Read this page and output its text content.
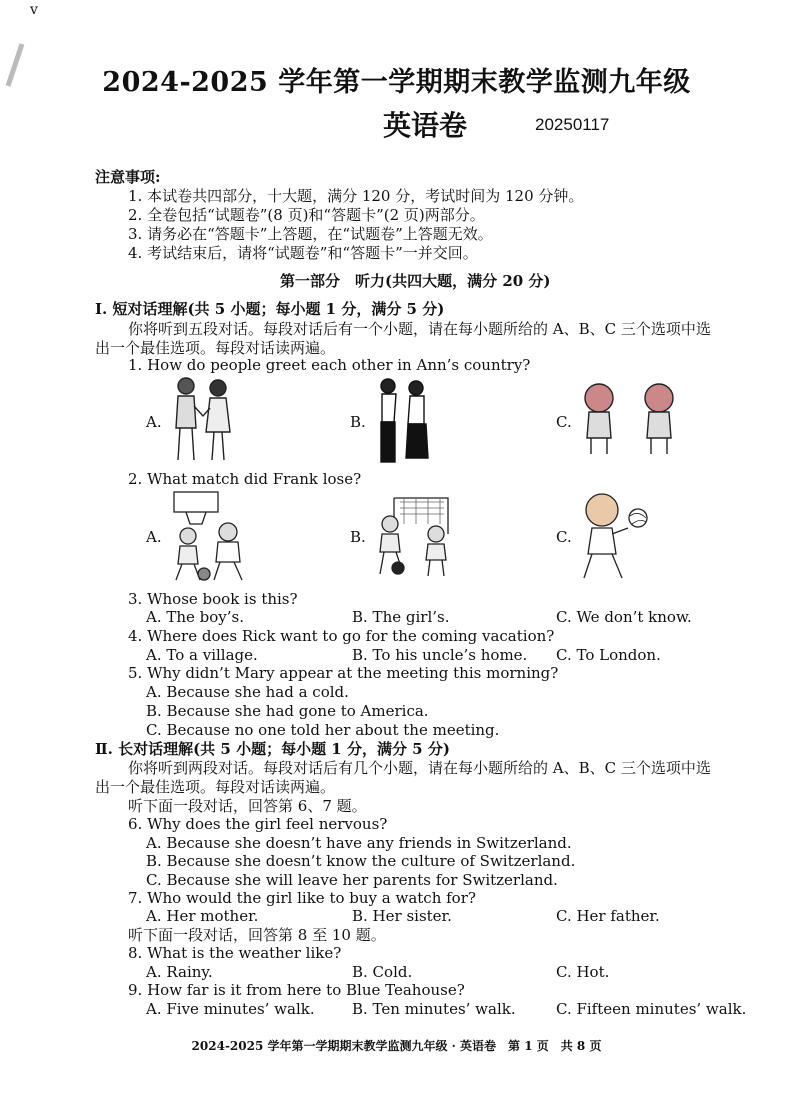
v
2024-2025 学年第一学期期末教学监测九年级
英语卷	20250117
注意事项:
1. 本试卷共四部分，十大题，满分 120 分，考试时间为 120 分钟。
2. 全卷包括“试题卷”(8 页)和“答题卡”(2 页)两部分。
3. 请务必在“答题卡”上答题，在“试题卷”上答题无效。
4. 考试结束后，请将“试题卷”和“答题卡”一并交回。
第一部分　听力(共四大题，满分 20 分)
Ⅰ. 短对话理解(共 5 小题；每小题 1 分，满分 5 分)
你将听到五段对话。每段对话后有一个小题，请在每小题所给的 A、B、C 三个选项中选
出一个最佳选项。每段对话读两遍。
1. How do people greet each other in Ann’s country?
A.	B.	C.
2. What match did Frank lose?
A.	B.	C.
3. Whose book is this?
A. The boy’s.	B. The girl’s.	C. We don’t know.
4. Where does Rick want to go for the coming vacation?
A. To a village.	B. To his uncle’s home. C. To London.
5. Why didn’t Mary appear at the meeting this morning?
A. Because she had a cold.
B. Because she had gone to America.
C. Because no one told her about the meeting.
Ⅱ. 长对话理解(共 5 小题；每小题 1 分，满分 5 分)
你将听到两段对话。每段对话后有几个小题，请在每小题所给的 A、B、C 三个选项中选
出一个最佳选项。每段对话读两遍。
听下面一段对话，回答第 6、7 题。
6. Why does the girl feel nervous?
A. Because she doesn’t have any friends in Switzerland.
B. Because she doesn’t know the culture of Switzerland.
C. Because she will leave her parents for Switzerland.
7. Who would the girl like to buy a watch for?
A. Her mother.	B. Her sister.	C. Her father.
听下面一段对话，回答第 8 至 10 题。
8. What is the weather like?
A. Rainy.	B. Cold.	C. Hot.
9. How far is it from here to Blue Teahouse?
A. Five minutes’ walk. B. Ten minutes’ walk.	C. Fifteen minutes’ walk.
2024-2025 学年第一学期期末教学监测九年级 · 英语卷　第 1 页　共 8 页
